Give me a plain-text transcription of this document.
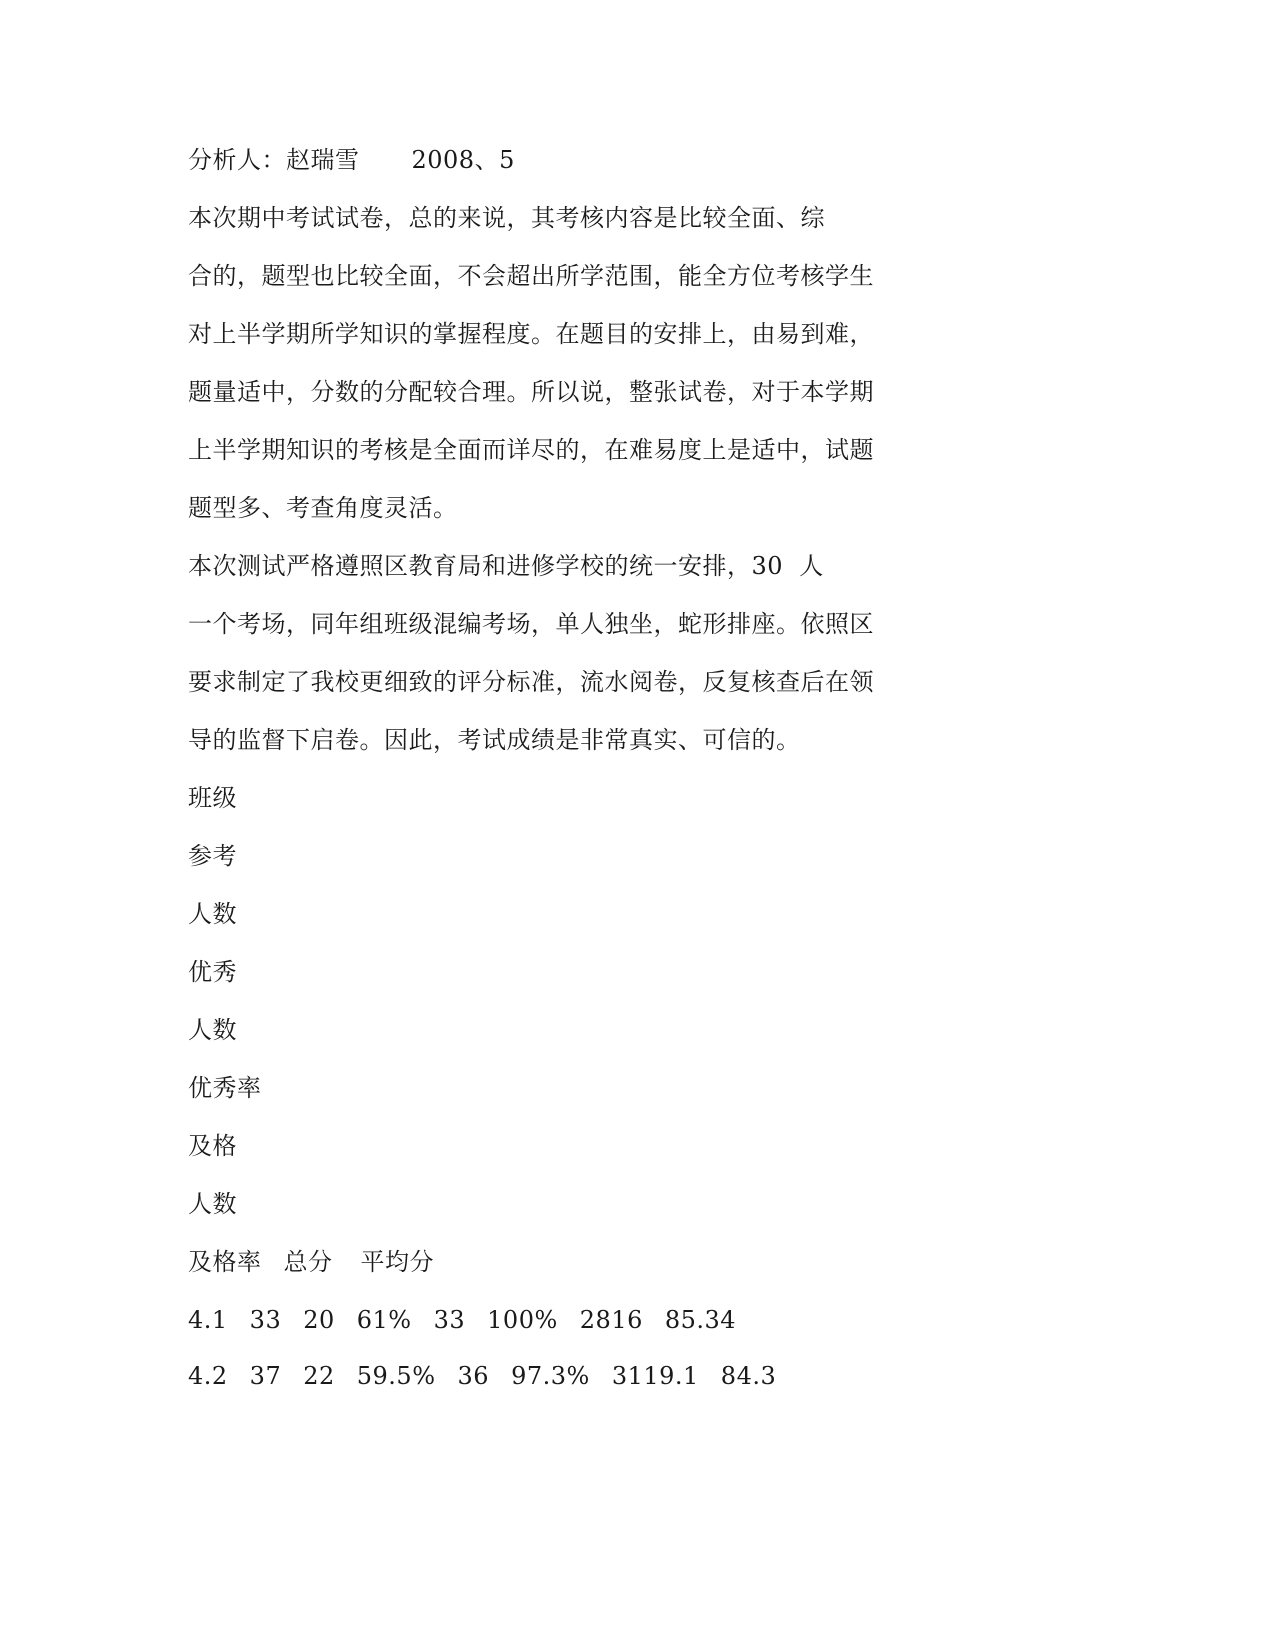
分析人：赵瑞雪 2008、5
本次期中考试试卷，总的来说，其考核内容是比较全面、综
合的，题型也比较全面，不会超出所学范围，能全方位考核学生
对上半学期所学知识的掌握程度。在题目的安排上，由易到难，
题量适中，分数的分配较合理。所以说，整张试卷，对于本学期
上半学期知识的考核是全面而详尽的，在难易度上是适中，试题
题型多、考查角度灵活。
本次测试严格遵照区教育局和进修学校的统一安排，30  人
一个考场，同年组班级混编考场，单人独坐，蛇形排座。依照区
要求制定了我校更细致的评分标准，流水阅卷，反复核查后在领
导的监督下启卷。因此，考试成绩是非常真实、可信的。
班级
参考
人数
优秀
人数
优秀率
及格
人数
及格率 总分 平均分
4.1 33 20 61% 33 100% 2816 85.34
4.2 37 22 59.5% 36 97.3% 3119.1 84.3
